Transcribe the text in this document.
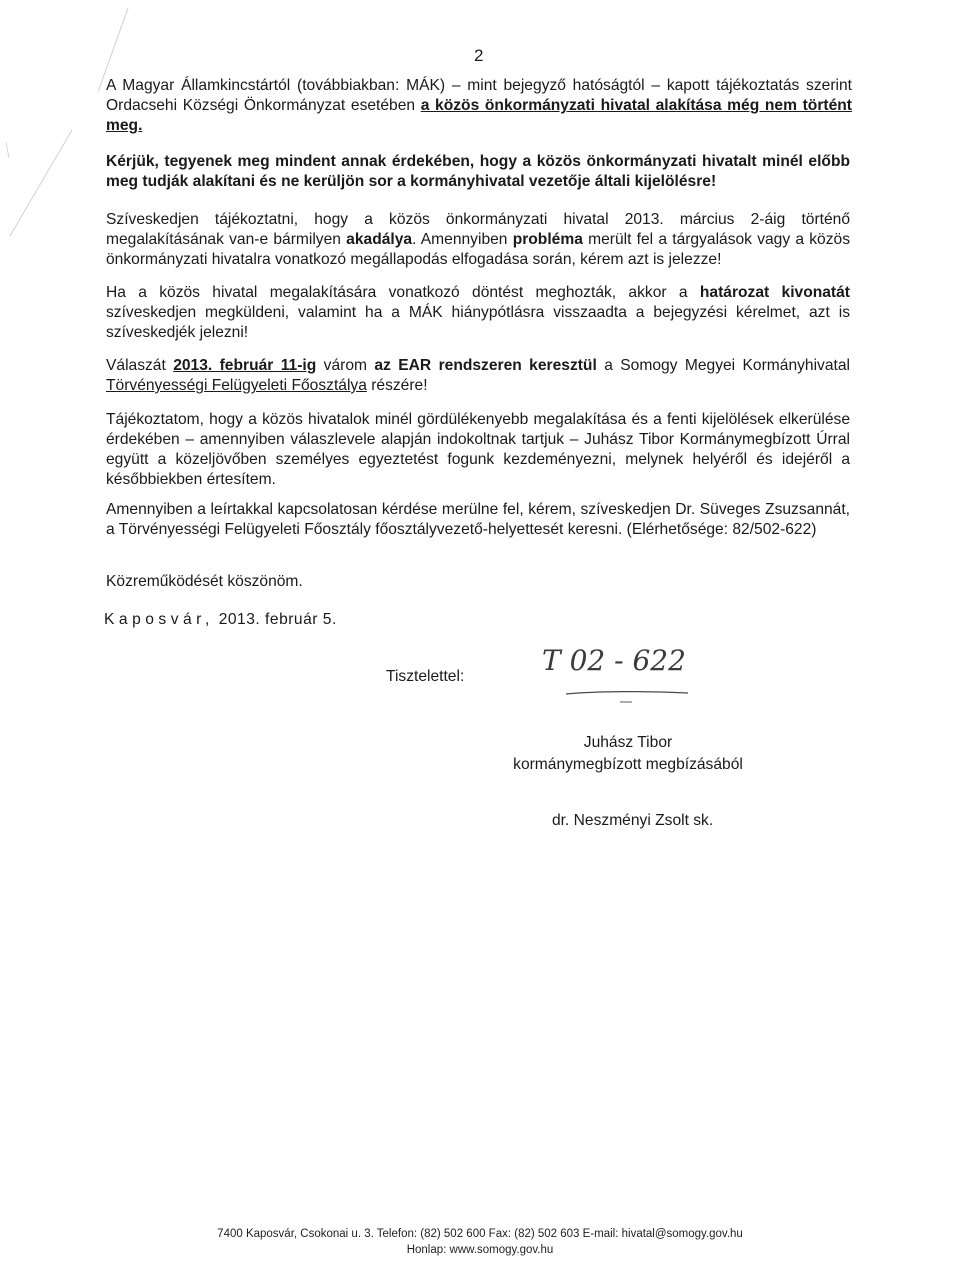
2
A Magyar Államkincstártól (továbbiakban: MÁK) – mint bejegyző hatóságtól – kapott tájékoztatás szerint Ordacsehi Községi Önkormányzat esetében a közös önkormányzati hivatal alakítása még nem történt meg.
Kérjük, tegyenek meg mindent annak érdekében, hogy a közös önkormányzati hivatalt minél előbb meg tudják alakítani és ne kerüljön sor a kormányhivatal vezetője általi kijelölésre!
Szíveskedjen tájékoztatni, hogy a közös önkormányzati hivatal 2013. március 2-áig történő megalakításának van-e bármilyen akadálya. Amennyiben probléma merült fel a tárgyalások vagy a közös önkormányzati hivatalra vonatkozó megállapodás elfogadása során, kérem azt is jelezze!
Ha a közös hivatal megalakítására vonatkozó döntést meghozták, akkor a határozat kivonatát szíveskedjen megküldeni, valamint ha a MÁK hiánypótlásra visszaadta a bejegyzési kérelmet, azt is szíveskedjék jelezni!
Válaszát 2013. február 11-ig várom az EAR rendszeren keresztül a Somogy Megyei Kormányhivatal Törvényességi Felügyeleti Főosztálya részére!
Tájékoztatom, hogy a közös hivatalok minél gördülékenyebb megalakítása és a fenti kijelölések elkerülése érdekében – amennyiben válaszlevele alapján indokoltnak tartjuk – Juhász Tibor Kormánymegbízott Úrral együtt a közeljövőben személyes egyeztetést fogunk kezdeményezni, melynek helyéről és idejéről a későbbiekben értesítem.
Amennyiben a leírtakkal kapcsolatosan kérdése merülne fel, kérem, szíveskedjen Dr. Süveges Zsuzsannát, a Törvényességi Felügyeleti Főosztály főosztályvezető-helyettesét keresni. (Elérhetősége: 82/502-622)
Közreműködését köszönöm.
Kaposvár, 2013. február 5.
Tisztelettel:	T 02 - 622
Juhász Tibor
kormánymegbízott megbízásából
dr. Neszményi Zsolt sk.
7400 Kaposvár, Csokonai u. 3. Telefon: (82) 502 600 Fax: (82) 502 603 E-mail: hivatal@somogy.gov.hu
Honlap: www.somogy.gov.hu
